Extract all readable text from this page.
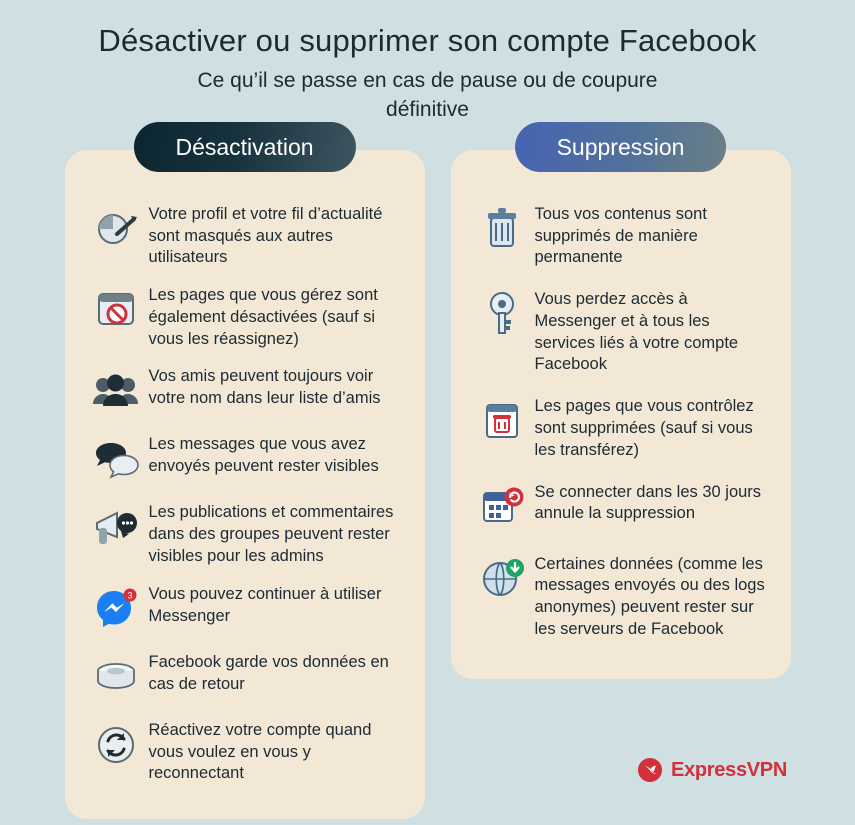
Désactiver ou supprimer son compte Facebook
Ce qu’il se passe en cas de pause ou de coupure définitive
Désactivation
Votre profil et votre fil d’actualité sont masqués aux autres utilisateurs
Les pages que vous gérez sont également désactivées (sauf si vous les réassignez)
Vos amis peuvent toujours voir votre nom dans leur liste d’amis
Les messages que vous avez envoyés peuvent rester visibles
Les publications et commentaires dans des groupes peuvent rester visibles pour les admins
3 Vous pouvez continuer à utiliser Messenger
Facebook garde vos données en cas de retour
Réactivez votre compte quand vous voulez en vous y reconnectant
Suppression
Tous vos contenus sont supprimés de manière permanente
Vous perdez accès à Messenger et à tous les services liés à votre compte Facebook
Les pages que vous contrôlez sont supprimées (sauf si vous les transférez)
Se connecter dans les 30 jours annule la suppression
Certaines données (comme les messages envoyés ou des logs anonymes) peuvent rester sur les serveurs de Facebook
ExpressVPN
